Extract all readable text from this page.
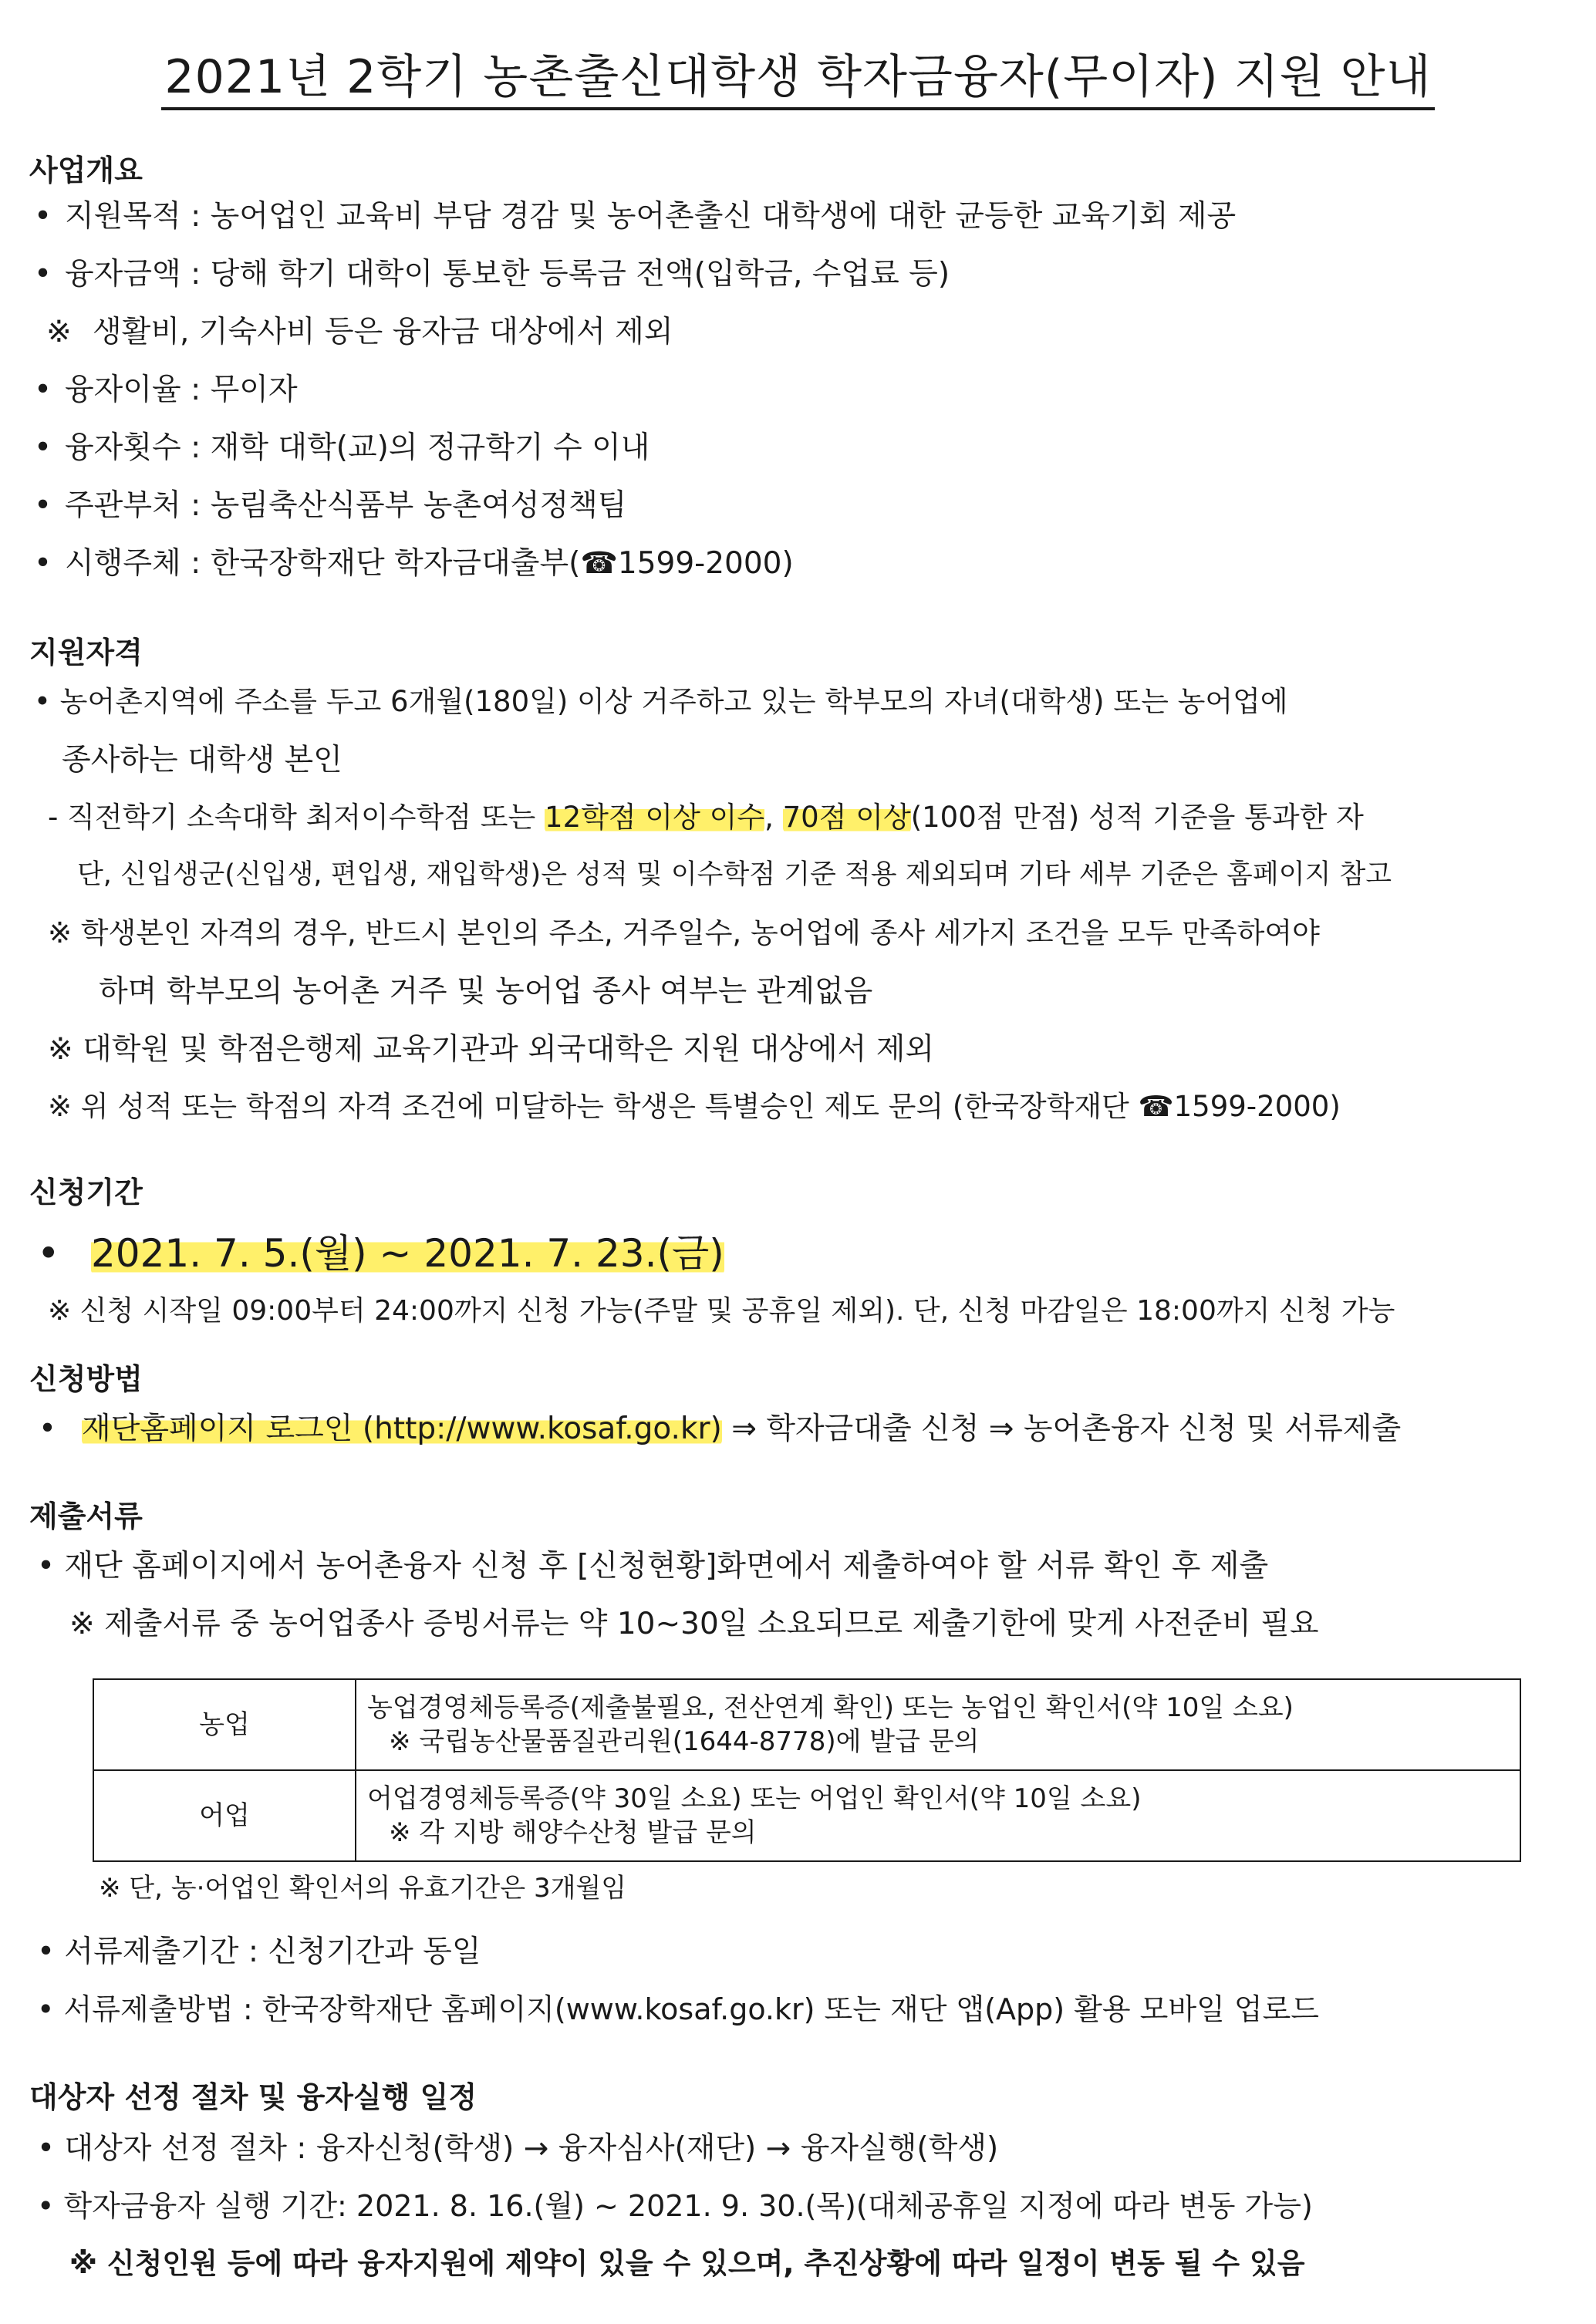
2021년 2학기 농촌출신대학생 학자금융자(무이자) 지원 안내
사업개요
• 지원목적 : 농어업인 교육비 부담 경감 및 농어촌출신 대학생에 대한 균등한 교육기회 제공
• 융자금액 : 당해 학기 대학이 통보한 등록금 전액(입학금, 수업료 등)
※ 생활비, 기숙사비 등은 융자금 대상에서 제외
• 융자이율 : 무이자
• 융자횟수 : 재학 대학(교)의 정규학기 수 이내
• 주관부처 : 농림축산식품부 농촌여성정책팀
• 시행주체 : 한국장학재단 학자금대출부(☎1599-2000)
지원자격
• 농어촌지역에 주소를 두고 6개월(180일) 이상 거주하고 있는 학부모의 자녀(대학생) 또는 농어업에
종사하는 대학생 본인
- 직전학기 소속대학 최저이수학점 또는 12학점 이상 이수, 70점 이상(100점 만점) 성적 기준을 통과한 자
단, 신입생군(신입생, 편입생, 재입학생)은 성적 및 이수학점 기준 적용 제외되며 기타 세부 기준은 홈페이지 참고
※ 학생본인 자격의 경우, 반드시 본인의 주소, 거주일수, 농어업에 종사 세가지 조건을 모두 만족하여야
하며 학부모의 농어촌 거주 및 농어업 종사 여부는 관계없음
※ 대학원 및 학점은행제 교육기관과 외국대학은 지원 대상에서 제외
※ 위 성적 또는 학점의 자격 조건에 미달하는 학생은 특별승인 제도 문의 (한국장학재단 ☎1599-2000)
신청기간
• 2021. 7. 5.(월) ~ 2021. 7. 23.(금)
※ 신청 시작일 09:00부터 24:00까지 신청 가능(주말 및 공휴일 제외). 단, 신청 마감일은 18:00까지 신청 가능
신청방법
• 재단홈페이지 로그인 (http://www.kosaf.go.kr) ⇒ 학자금대출 신청 ⇒ 농어촌융자 신청 및 서류제출
제출서류
• 재단 홈페이지에서 농어촌융자 신청 후 [신청현황]화면에서 제출하여야 할 서류 확인 후 제출
※ 제출서류 중 농어업종사 증빙서류는 약 10~30일 소요되므로 제출기한에 맞게 사전준비 필요
농업	농업경영체등록증(제출불필요, 전산연계 확인) 또는 농업인 확인서(약 10일 소요)
※ 국립농산물품질관리원(1644-8778)에 발급 문의

어업	어업경영체등록증(약 30일 소요) 또는 어업인 확인서(약 10일 소요)
※ 각 지방 해양수산청 발급 문의
※ 단, 농·어업인 확인서의 유효기간은 3개월임
• 서류제출기간 : 신청기간과 동일
• 서류제출방법 : 한국장학재단 홈페이지(www.kosaf.go.kr) 또는 재단 앱(App) 활용 모바일 업로드
대상자 선정 절차 및 융자실행 일정
• 대상자 선정 절차 : 융자신청(학생) → 융자심사(재단) → 융자실행(학생)
• 학자금융자 실행 기간: 2021. 8. 16.(월) ~ 2021. 9. 30.(목)(대체공휴일 지정에 따라 변동 가능)
※ 신청인원 등에 따라 융자지원에 제약이 있을 수 있으며, 추진상황에 따라 일정이 변동 될 수 있음
